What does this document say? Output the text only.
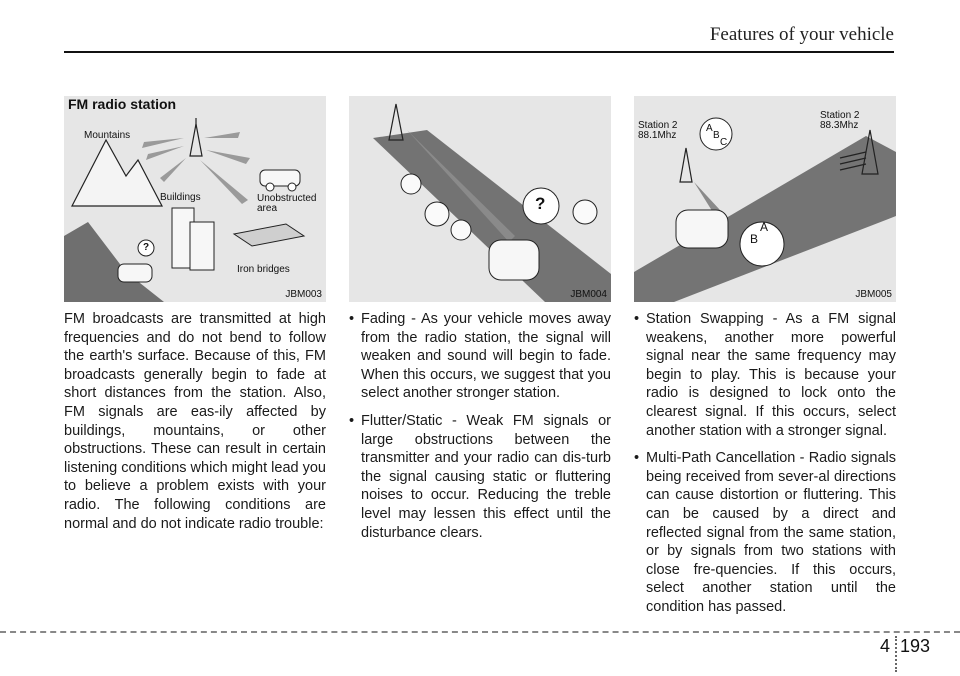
Features of your vehicle
FM radio station
Mountains
Buildings	Unobstructed
area
Iron bridges
?
JBM003
?
JBM004
Station 2
88.1Mhz
Station 2
88.3Mhz
A
B
C
A
B
JBM005

FM broadcasts are transmitted at high frequencies and do not bend to follow the earth's surface. Because of this, FM broadcasts generally begin to fade at short distances from the station. Also, FM signals are eas-ily affected by buildings, mountains, or other obstructions. These can result in certain listening conditions which might lead you to believe a problem exists with your radio. The following conditions are normal and do not indicate radio trouble:

• Fading - As your vehicle moves away from the radio station, the signal will weaken and sound will begin to fade. When this occurs, we suggest that you select another stronger station.
• Flutter/Static - Weak FM signals or large obstructions between the transmitter and your radio can dis-turb the signal causing static or fluttering noises to occur. Reducing the treble level may lessen this effect until the disturbance clears.
• Station Swapping - As a FM signal weakens, another more powerful signal near the same frequency may begin to play. This is because your radio is designed to lock onto the clearest signal. If this occurs, select another station with a stronger signal.
• Multi-Path Cancellation - Radio signals being received from sever-al directions can cause distortion or fluttering. This can be caused by a direct and reflected signal from the same station, or by signals from two stations with close fre-quencies. If this occurs, select another station until the condition has passed.
4 193
